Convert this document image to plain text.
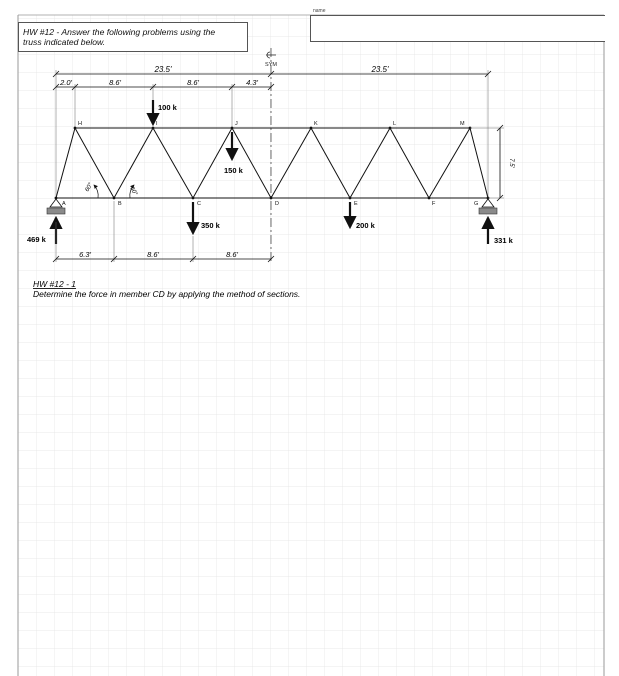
name
HW #12 - Answer the following problems using the
truss indicated below.
SYM
23.5'	23.5'
2.0'	8.6'	8.6'	4.3'
A	B	C	D	E	F	G
H	I	J	K	L	M
60°	60°
7.5'
469 k	331 k
100 k
150 k
350 k	200 k
6.3'	8.6'	8.6'
HW #12 - 1
Determine the force in member CD by applying the method of sections.
